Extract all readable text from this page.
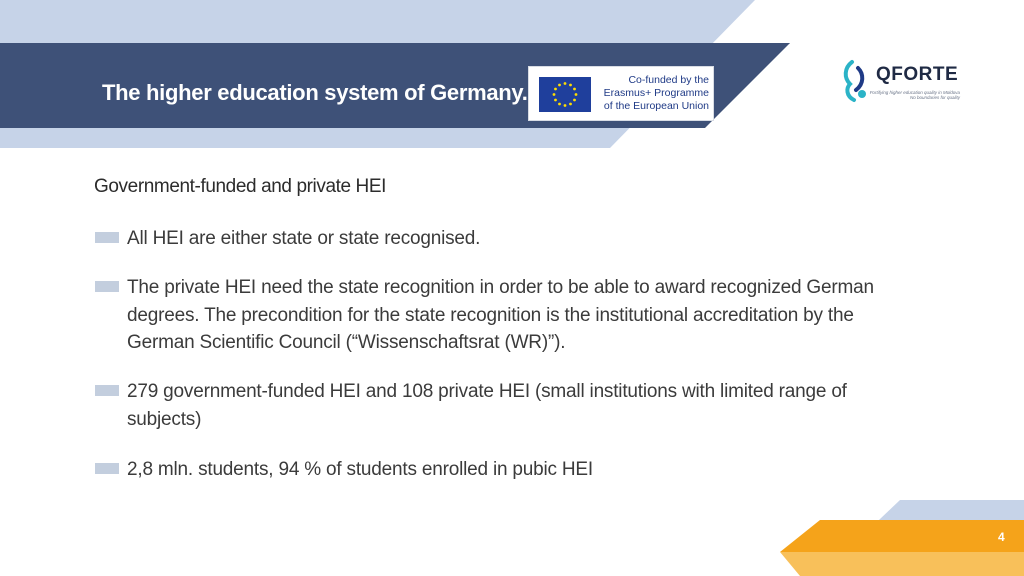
The higher education system of Germany.	Co-funded by the
Erasmus+ Programme
of the European Union
QFORTE
Fortifying higher education quality in Moldova
No boundaries for quality
Government-funded and private HEI
All HEI are either state or state recognised.
The private HEI need the state recognition in order to be able to award recognized German degrees. The precondition for the state recognition is the institutional accreditation by the German Scientific Council (“Wissenschaftsrat (WR)”).
279 government-funded HEI and 108 private HEI (small institutions with limited range of subjects)
2,8 mln. students, 94 % of students enrolled in pubic HEI
4
